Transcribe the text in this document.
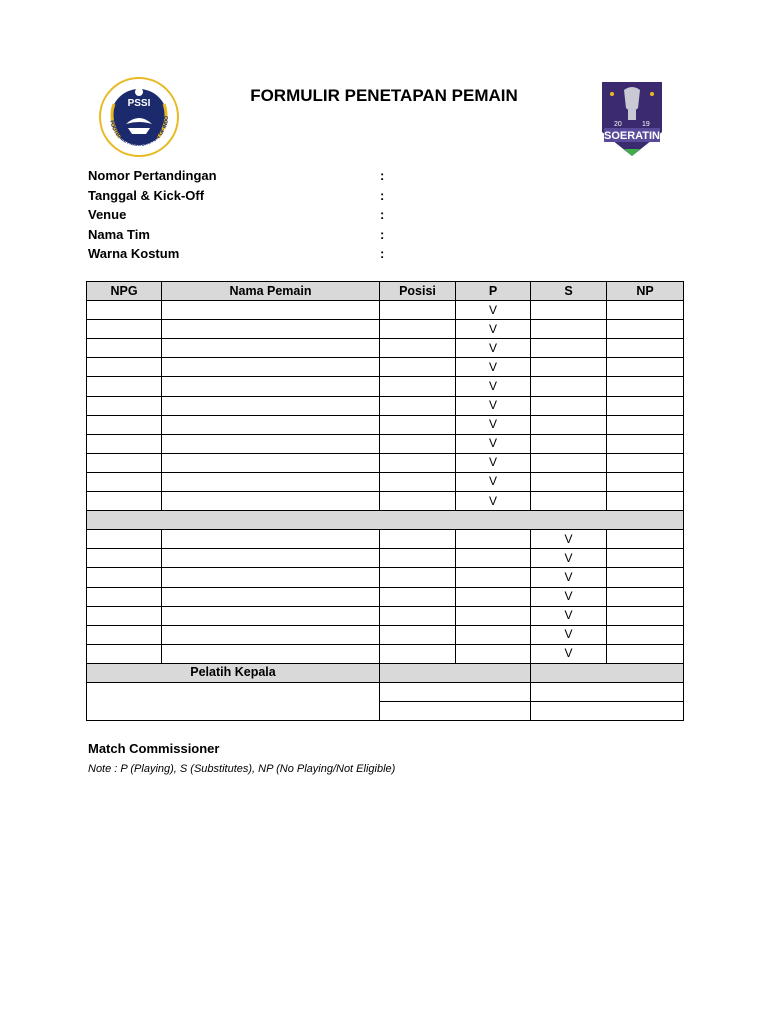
PSSI
FOOTBALL ASSOCIATION OF INDO
FORMULIR PENETAPAN PEMAIN
20	19
SOERATIN
Nomor Pertandingan	:
Tanggal & Kick-Off	:
Venue	:
Nama Tim	:
Warna Kostum	:
NPG	Nama Pemain	Posisi	P	S	NP
			V		
			V		
			V		
			V		
			V		
			V		
			V		
			V		
			V		
			V		
			V		

				V	
				V	
				V	
				V	
				V	
				V	
				V	
Pelatih Kepala					

Match Commissioner
Note : P (Playing), S (Substitutes), NP (No Playing/Not Eligible)
